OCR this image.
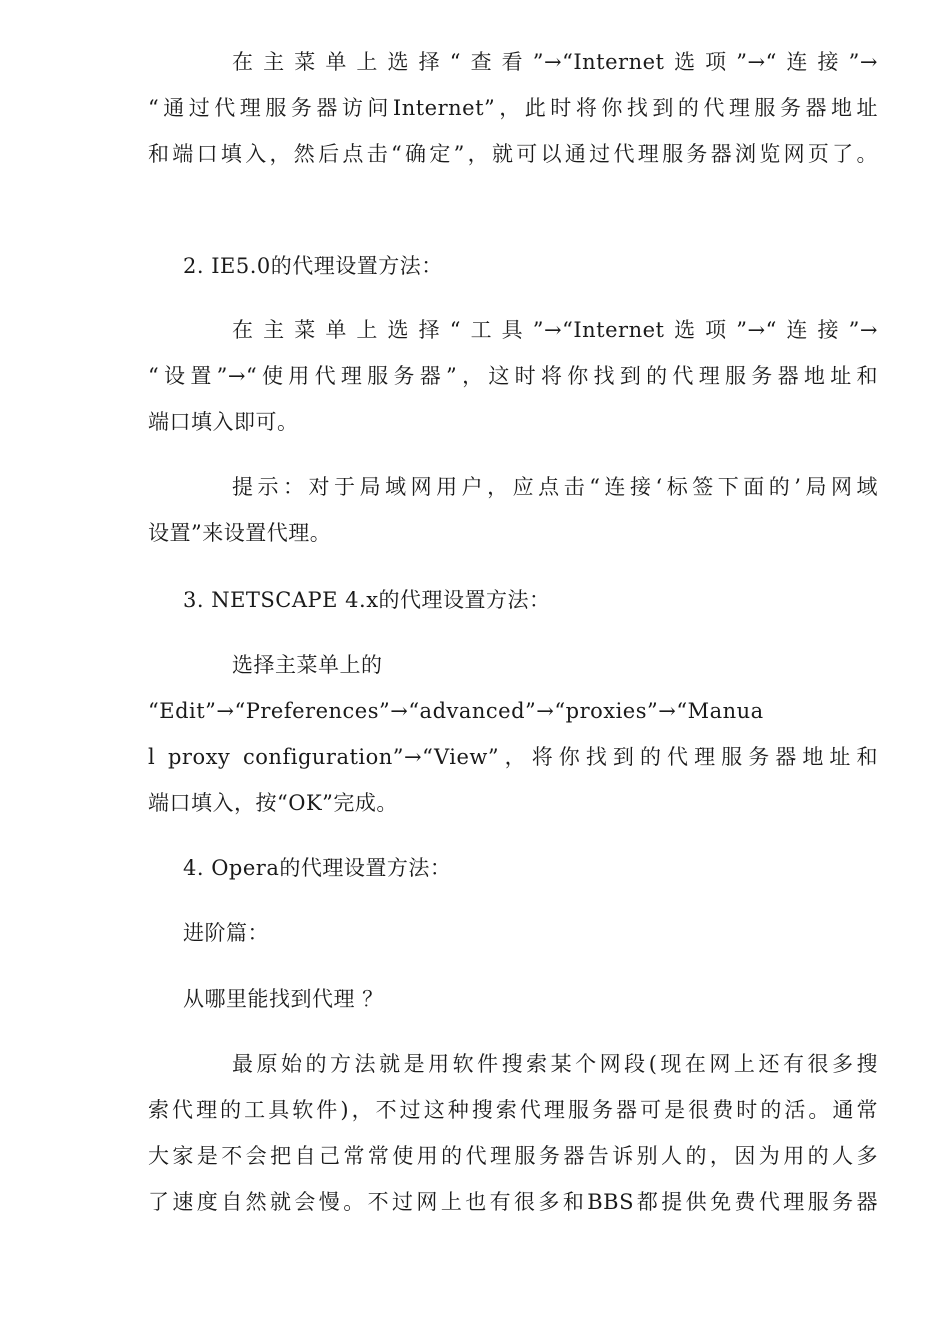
在主菜单上选择“查看”→“Internet选项”→“连接”→
“通过代理服务器访问Internet”，此时将你找到的代理服务器地址
和端口填入，然后点击“确定”，就可以通过代理服务器浏览网页了。
2. IE5.0的代理设置方法：
在主菜单上选择“工具”→“Internet选项”→“连接”→
“设置”→“使用代理服务器”，这时将你找到的代理服务器地址和
端口填入即可。
提示：对于局域网用户，应点击“连接‘标签下面的’局网域
设置”来设置代理。
3. NETSCAPE 4.x的代理设置方法：
选择主菜单上的
“Edit”→“Preferences”→“advanced”→“proxies”→“Manua
l proxy configuration”→“View”，将你找到的代理服务器地址和
端口填入，按“OK”完成。
4. Opera的代理设置方法：
进阶篇：
从哪里能找到代理 ？
最原始的方法就是用软件搜索某个网段(现在网上还有很多搜
索代理的工具软件)，不过这种搜索代理服务器可是很费时的活。通常
大家是不会把自己常常使用的代理服务器告诉别人的，因为用的人多
了速度自然就会慢。不过网上也有很多和BBS都提供免费代理服务器
